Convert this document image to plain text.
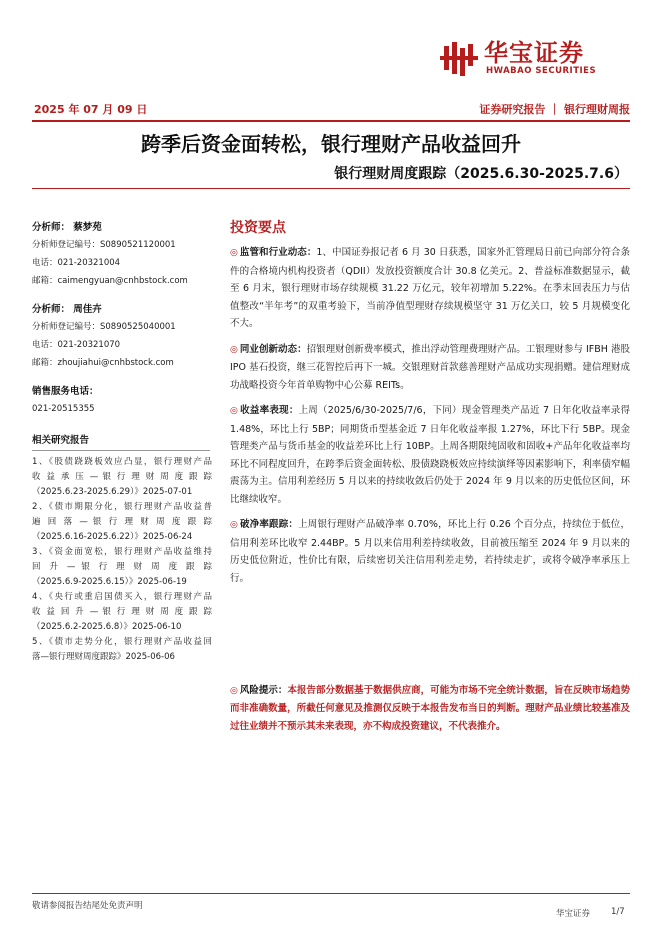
华宝证券
HWABAO SECURITIES
2025 年 07 月 09 日	证券研究报告 ｜ 银行理财周报
跨季后资金面转松，银行理财产品收益回升
银行理财周度跟踪（2025.6.30-2025.7.6）
分析师： 蔡梦苑
分析师登记编号：S0890521120001
电话：021-20321004
邮箱：caimengyuan@cnhbstock.com
分析师： 周佳卉
分析师登记编号：S0890525040001
电话：021-20321070
邮箱：zhoujiahui@cnhbstock.com
销售服务电话：
021-20515355
相关研究报告
1、《股债跷跷板效应凸显，银行理财产品
收 益 承 压 — 银 行 理 财 周 度 跟 踪
（2025.6.23-2025.6.29）》2025-07-01
2、《债市期限分化，银行理财产品收益普
遍 回 落 — 银 行 理 财 周 度 跟 踪
（2025.6.16-2025.6.22）》2025-06-24
3、《资金面宽松，银行理财产品收益维持
回 升 — 银 行 理 财 周 度 跟 踪
（2025.6.9-2025.6.15）》2025-06-19
4、《央行或重启国债买入，银行理财产品
收 益 回 升 — 银 行 理 财 周 度 跟 踪
（2025.6.2-2025.6.8）》2025-06-10
5、《债市走势分化，银行理财产品收益回
落—银行理财周度跟踪》2025-06-06
投资要点
◎ 监管和行业动态：1、中国证券报记者 6 月 30 日获悉，国家外汇管理局日前已向部分符合条件的合格境内机构投资者（QDII）发放投资额度合计 30.8 亿美元。2、普益标准数据显示，截至 6 月末，银行理财市场存续规模 31.22 万亿元，较年初增加 5.22%。在季末回表压力与估值整改“半年考”的双重考验下，当前净值型理财存续规模坚守 31 万亿关口，较 5 月规模变化不大。
◎ 同业创新动态：招银理财创新费率模式，推出浮动管理费理财产品。工银理财参与 IFBH 港股 IPO 基石投资，继三花智控后再下一城。交银理财首款慈善理财产品成功实现捐赠。建信理财成功战略投资今年首单购物中心公募 REITs。
◎ 收益率表现：上周（2025/6/30-2025/7/6，下同）现金管理类产品近 7 日年化收益率录得 1.48%，环比上行 5BP；同期货币型基金近 7 日年化收益率报 1.27%，环比下行 5BP。现金管理类产品与货币基金的收益差环比上行 10BP。上周各期限纯固收和固收+产品年化收益率均环比不同程度回升，在跨季后资金面转松、股债跷跷板效应持续演绎等因素影响下，利率债窄幅震荡为主。信用利差经历 5 月以来的持续收敛后仍处于 2024 年 9 月以来的历史低位区间，环比继续收窄。
◎ 破净率跟踪：上周银行理财产品破净率 0.70%，环比上行 0.26 个百分点，持续位于低位，信用利差环比收窄 2.44BP。5 月以来信用利差持续收敛，目前被压缩至 2024 年 9 月以来的历史低位附近，性价比有限，后续密切关注信用利差走势，若持续走扩，或将令破净率承压上行。
◎ 风险提示：本报告部分数据基于数据供应商，可能为市场不完全统计数据，旨在反映市场趋势而非准确数量，所截任何意见及推测仅反映于本报告发布当日的判断。理财产品业绩比较基准及过往业绩并不预示其未来表现，亦不构成投资建议，不代表推介。
敬请参阅报告结尾处免责声明
华宝证券 1/7
